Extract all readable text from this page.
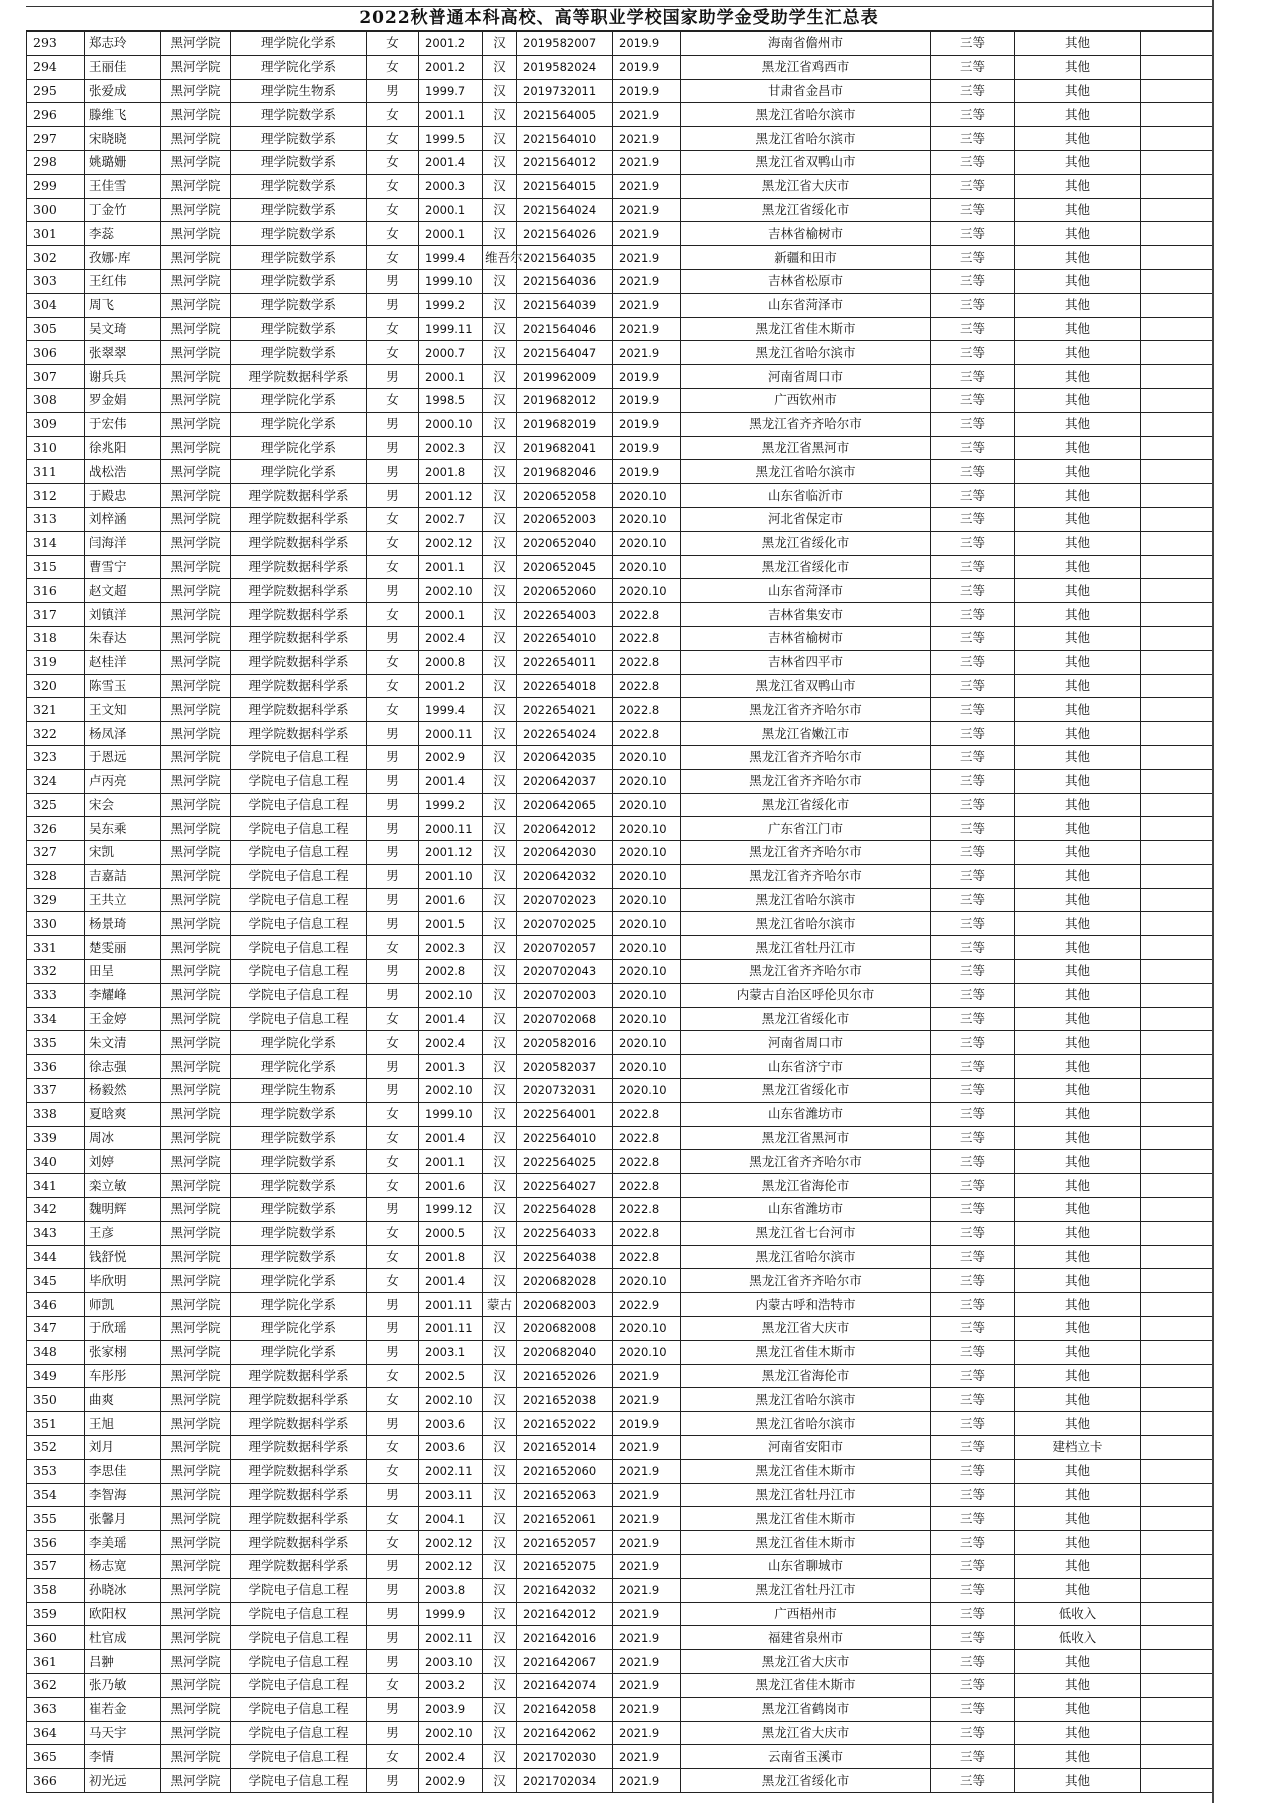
2022秋普通本科高校、高等职业学校国家助学金受助学生汇总表
293	郑志玲	黑河学院	理学院化学系	女	2001.2	汉	2019582007	2019.9	海南省儋州市	三等	其他	
294	王丽佳	黑河学院	理学院化学系	女	2001.2	汉	2019582024	2019.9	黑龙江省鸡西市	三等	其他	
295	张爱成	黑河学院	理学院生物系	男	1999.7	汉	2019732011	2019.9	甘肃省金昌市	三等	其他	
296	滕维飞	黑河学院	理学院数学系	女	2001.1	汉	2021564005	2021.9	黑龙江省哈尔滨市	三等	其他	
297	宋晓晓	黑河学院	理学院数学系	女	1999.5	汉	2021564010	2021.9	黑龙江省哈尔滨市	三等	其他	
298	姚璐姗	黑河学院	理学院数学系	女	2001.4	汉	2021564012	2021.9	黑龙江省双鸭山市	三等	其他	
299	王佳雪	黑河学院	理学院数学系	女	2000.3	汉	2021564015	2021.9	黑龙江省大庆市	三等	其他	
300	丁金竹	黑河学院	理学院数学系	女	2000.1	汉	2021564024	2021.9	黑龙江省绥化市	三等	其他	
301	李蕊	黑河学院	理学院数学系	女	2000.1	汉	2021564026	2021.9	吉林省榆树市	三等	其他	
302	孜娜·库	黑河学院	理学院数学系	女	1999.4	维吾尔	2021564035	2021.9	新疆和田市	三等	其他	
303	王红伟	黑河学院	理学院数学系	男	1999.10	汉	2021564036	2021.9	吉林省松原市	三等	其他	
304	周飞	黑河学院	理学院数学系	男	1999.2	汉	2021564039	2021.9	山东省菏泽市	三等	其他	
305	吴文琦	黑河学院	理学院数学系	女	1999.11	汉	2021564046	2021.9	黑龙江省佳木斯市	三等	其他	
306	张翠翠	黑河学院	理学院数学系	女	2000.7	汉	2021564047	2021.9	黑龙江省哈尔滨市	三等	其他	
307	谢兵兵	黑河学院	理学院数据科学系	男	2000.1	汉	2019962009	2019.9	河南省周口市	三等	其他	
308	罗金娟	黑河学院	理学院化学系	女	1998.5	汉	2019682012	2019.9	广西钦州市	三等	其他	
309	于宏伟	黑河学院	理学院化学系	男	2000.10	汉	2019682019	2019.9	黑龙江省齐齐哈尔市	三等	其他	
310	徐兆阳	黑河学院	理学院化学系	男	2002.3	汉	2019682041	2019.9	黑龙江省黑河市	三等	其他	
311	战松浩	黑河学院	理学院化学系	男	2001.8	汉	2019682046	2019.9	黑龙江省哈尔滨市	三等	其他	
312	于殿忠	黑河学院	理学院数据科学系	男	2001.12	汉	2020652058	2020.10	山东省临沂市	三等	其他	
313	刘梓涵	黑河学院	理学院数据科学系	女	2002.7	汉	2020652003	2020.10	河北省保定市	三等	其他	
314	闫海洋	黑河学院	理学院数据科学系	女	2002.12	汉	2020652040	2020.10	黑龙江省绥化市	三等	其他	
315	曹雪宁	黑河学院	理学院数据科学系	女	2001.1	汉	2020652045	2020.10	黑龙江省绥化市	三等	其他	
316	赵文超	黑河学院	理学院数据科学系	男	2002.10	汉	2020652060	2020.10	山东省菏泽市	三等	其他	
317	刘镇洋	黑河学院	理学院数据科学系	女	2000.1	汉	2022654003	2022.8	吉林省集安市	三等	其他	
318	朱春达	黑河学院	理学院数据科学系	男	2002.4	汉	2022654010	2022.8	吉林省榆树市	三等	其他	
319	赵桂洋	黑河学院	理学院数据科学系	女	2000.8	汉	2022654011	2022.8	吉林省四平市	三等	其他	
320	陈雪玉	黑河学院	理学院数据科学系	女	2001.2	汉	2022654018	2022.8	黑龙江省双鸭山市	三等	其他	
321	王文知	黑河学院	理学院数据科学系	女	1999.4	汉	2022654021	2022.8	黑龙江省齐齐哈尔市	三等	其他	
322	杨凤泽	黑河学院	理学院数据科学系	男	2000.11	汉	2022654024	2022.8	黑龙江省嫩江市	三等	其他	
323	于恩远	黑河学院	学院电子信息工程	男	2002.9	汉	2020642035	2020.10	黑龙江省齐齐哈尔市	三等	其他	
324	卢丙亮	黑河学院	学院电子信息工程	男	2001.4	汉	2020642037	2020.10	黑龙江省齐齐哈尔市	三等	其他	
325	宋会	黑河学院	学院电子信息工程	男	1999.2	汉	2020642065	2020.10	黑龙江省绥化市	三等	其他	
326	吴东乘	黑河学院	学院电子信息工程	男	2000.11	汉	2020642012	2020.10	广东省江门市	三等	其他	
327	宋凯	黑河学院	学院电子信息工程	男	2001.12	汉	2020642030	2020.10	黑龙江省齐齐哈尔市	三等	其他	
328	吉嘉詰	黑河学院	学院电子信息工程	男	2001.10	汉	2020642032	2020.10	黑龙江省齐齐哈尔市	三等	其他	
329	王共立	黑河学院	学院电子信息工程	男	2001.6	汉	2020702023	2020.10	黑龙江省哈尔滨市	三等	其他	
330	杨景琦	黑河学院	学院电子信息工程	男	2001.5	汉	2020702025	2020.10	黑龙江省哈尔滨市	三等	其他	
331	楚雯丽	黑河学院	学院电子信息工程	女	2002.3	汉	2020702057	2020.10	黑龙江省牡丹江市	三等	其他	
332	田呈	黑河学院	学院电子信息工程	男	2002.8	汉	2020702043	2020.10	黑龙江省齐齐哈尔市	三等	其他	
333	李耀峰	黑河学院	学院电子信息工程	男	2002.10	汉	2020702003	2020.10	内蒙古自治区呼伦贝尔市	三等	其他	
334	王金婷	黑河学院	学院电子信息工程	女	2001.4	汉	2020702068	2020.10	黑龙江省绥化市	三等	其他	
335	朱文清	黑河学院	理学院化学系	女	2002.4	汉	2020582016	2020.10	河南省周口市	三等	其他	
336	徐志强	黑河学院	理学院化学系	男	2001.3	汉	2020582037	2020.10	山东省济宁市	三等	其他	
337	杨毅然	黑河学院	理学院生物系	男	2002.10	汉	2020732031	2020.10	黑龙江省绥化市	三等	其他	
338	夏晗爽	黑河学院	理学院数学系	女	1999.10	汉	2022564001	2022.8	山东省潍坊市	三等	其他	
339	周冰	黑河学院	理学院数学系	女	2001.4	汉	2022564010	2022.8	黑龙江省黑河市	三等	其他	
340	刘婷	黑河学院	理学院数学系	女	2001.1	汉	2022564025	2022.8	黑龙江省齐齐哈尔市	三等	其他	
341	栾立敏	黑河学院	理学院数学系	女	2001.6	汉	2022564027	2022.8	黑龙江省海伦市	三等	其他	
342	魏明辉	黑河学院	理学院数学系	男	1999.12	汉	2022564028	2022.8	山东省潍坊市	三等	其他	
343	王彦	黑河学院	理学院数学系	女	2000.5	汉	2022564033	2022.8	黑龙江省七台河市	三等	其他	
344	钱舒悦	黑河学院	理学院数学系	女	2001.8	汉	2022564038	2022.8	黑龙江省哈尔滨市	三等	其他	
345	毕欣明	黑河学院	理学院化学系	女	2001.4	汉	2020682028	2020.10	黑龙江省齐齐哈尔市	三等	其他	
346	师凯	黑河学院	理学院化学系	男	2001.11	蒙古	2020682003	2022.9	内蒙古呼和浩特市	三等	其他	
347	于欣瑶	黑河学院	理学院化学系	男	2001.11	汉	2020682008	2020.10	黑龙江省大庆市	三等	其他	
348	张家栩	黑河学院	理学院化学系	男	2003.1	汉	2020682040	2020.10	黑龙江省佳木斯市	三等	其他	
349	车彤彤	黑河学院	理学院数据科学系	女	2002.5	汉	2021652026	2021.9	黑龙江省海伦市	三等	其他	
350	曲爽	黑河学院	理学院数据科学系	女	2002.10	汉	2021652038	2021.9	黑龙江省哈尔滨市	三等	其他	
351	王旭	黑河学院	理学院数据科学系	男	2003.6	汉	2021652022	2019.9	黑龙江省哈尔滨市	三等	其他	
352	刘月	黑河学院	理学院数据科学系	女	2003.6	汉	2021652014	2021.9	河南省安阳市	三等	建档立卡	
353	李思佳	黑河学院	理学院数据科学系	女	2002.11	汉	2021652060	2021.9	黑龙江省佳木斯市	三等	其他	
354	李智海	黑河学院	理学院数据科学系	男	2003.11	汉	2021652063	2021.9	黑龙江省牡丹江市	三等	其他	
355	张馨月	黑河学院	理学院数据科学系	女	2004.1	汉	2021652061	2021.9	黑龙江省佳木斯市	三等	其他	
356	李美瑶	黑河学院	理学院数据科学系	女	2002.12	汉	2021652057	2021.9	黑龙江省佳木斯市	三等	其他	
357	杨志宽	黑河学院	理学院数据科学系	男	2002.12	汉	2021652075	2021.9	山东省聊城市	三等	其他	
358	孙晓冰	黑河学院	学院电子信息工程	男	2003.8	汉	2021642032	2021.9	黑龙江省牡丹江市	三等	其他	
359	欧阳权	黑河学院	学院电子信息工程	男	1999.9	汉	2021642012	2021.9	广西梧州市	三等	低收入	
360	杜官成	黑河学院	学院电子信息工程	男	2002.11	汉	2021642016	2021.9	福建省泉州市	三等	低收入	
361	吕翀	黑河学院	学院电子信息工程	男	2003.10	汉	2021642067	2021.9	黑龙江省大庆市	三等	其他	
362	张乃敏	黑河学院	学院电子信息工程	女	2003.2	汉	2021642074	2021.9	黑龙江省佳木斯市	三等	其他	
363	崔若金	黑河学院	学院电子信息工程	男	2003.9	汉	2021642058	2021.9	黑龙江省鹤岗市	三等	其他	
364	马天宇	黑河学院	学院电子信息工程	男	2002.10	汉	2021642062	2021.9	黑龙江省大庆市	三等	其他	
365	李情	黑河学院	学院电子信息工程	女	2002.4	汉	2021702030	2021.9	云南省玉溪市	三等	其他	
366	初光远	黑河学院	学院电子信息工程	男	2002.9	汉	2021702034	2021.9	黑龙江省绥化市	三等	其他	
